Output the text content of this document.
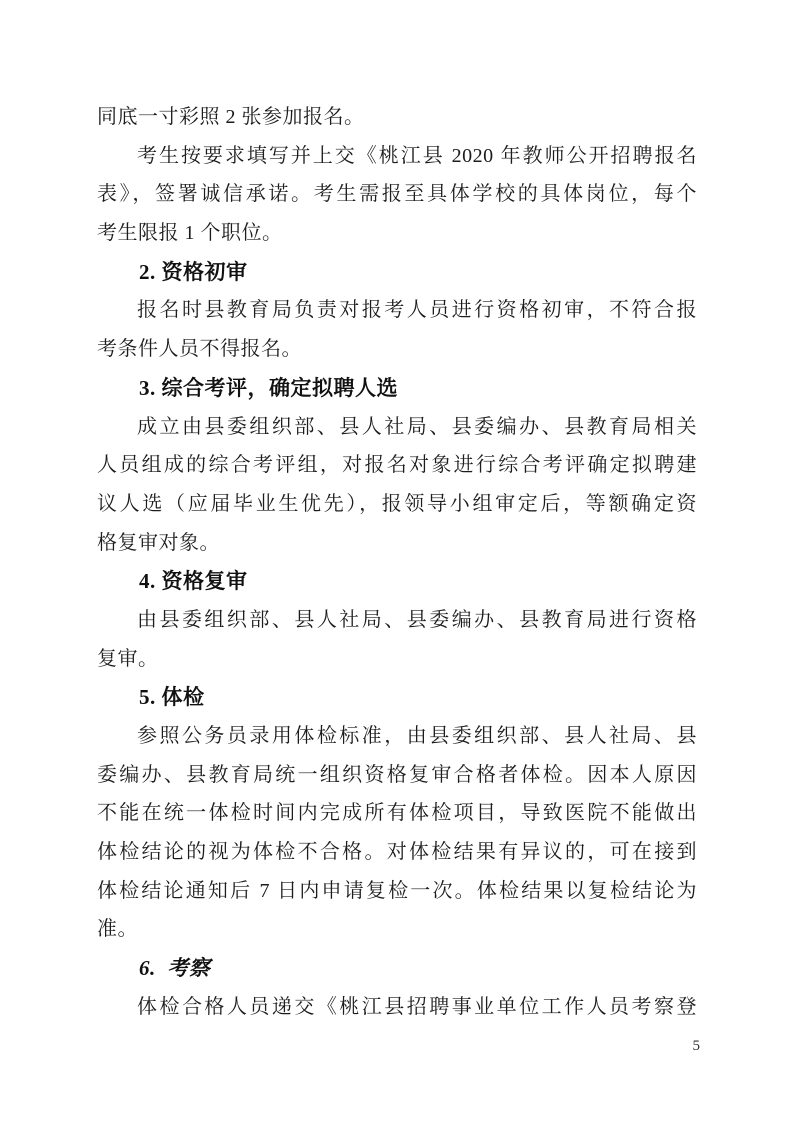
同底一寸彩照 2 张参加报名。
考生按要求填写并上交《桃江县 2020 年教师公开招聘报名
表》，签署诚信承诺。考生需报至具体学校的具体岗位，每个
考生限报 1 个职位。
2. 资格初审
报名时县教育局负责对报考人员进行资格初审，不符合报
考条件人员不得报名。
3. 综合考评，确定拟聘人选
成立由县委组织部、县人社局、县委编办、县教育局相关
人员组成的综合考评组，对报名对象进行综合考评确定拟聘建
议人选（应届毕业生优先），报领导小组审定后，等额确定资
格复审对象。
4. 资格复审
由县委组织部、县人社局、县委编办、县教育局进行资格
复审。
5. 体检
参照公务员录用体检标准，由县委组织部、县人社局、县
委编办、县教育局统一组织资格复审合格者体检。因本人原因
不能在统一体检时间内完成所有体检项目，导致医院不能做出
体检结论的视为体检不合格。对体检结果有异议的，可在接到
体检结论通知后 7 日内申请复检一次。体检结果以复检结论为
准。
6.  考察
体检合格人员递交《桃江县招聘事业单位工作人员考察登
5
